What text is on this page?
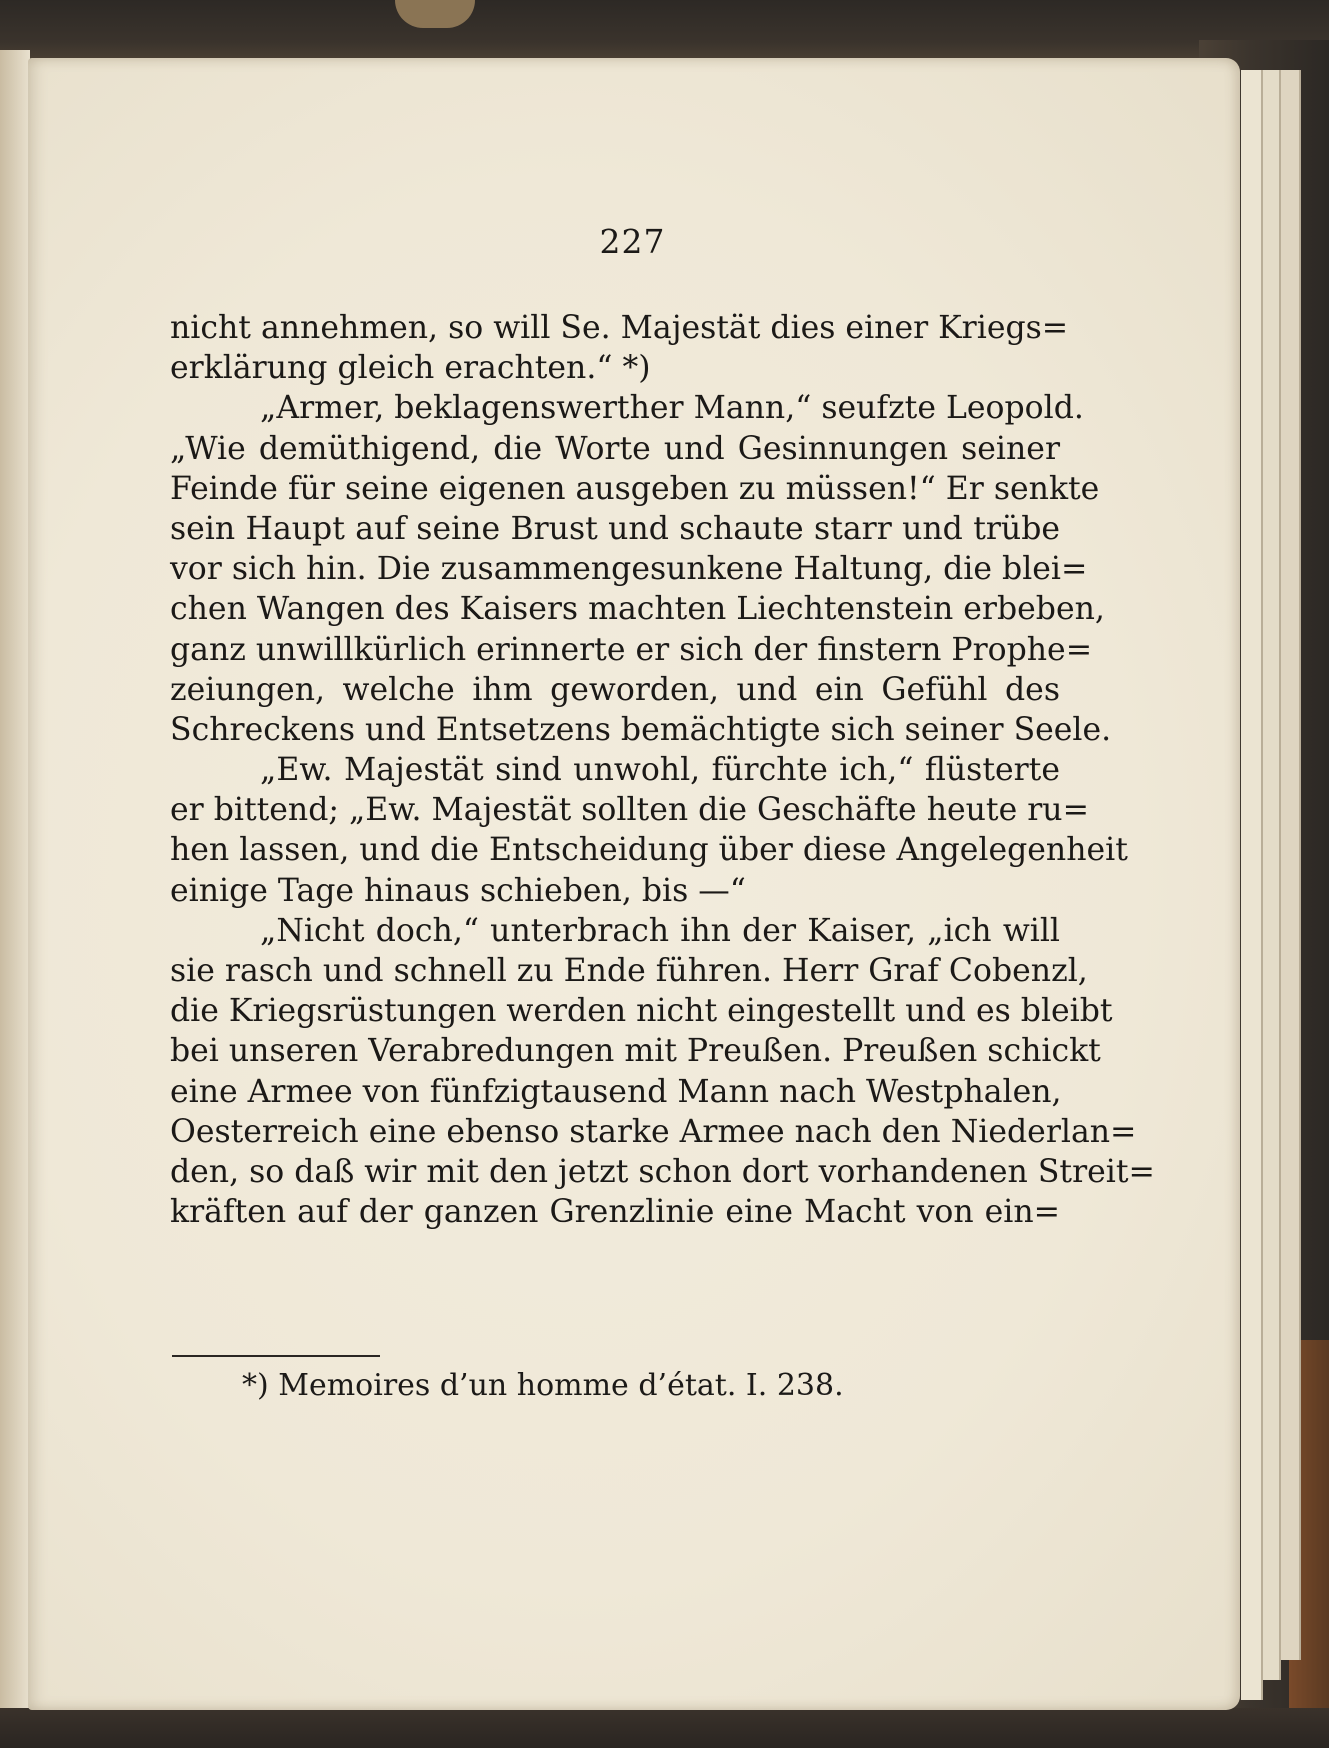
227
nicht annehmen, so will Se. Majestät dies einer Kriegs=
erklärung gleich erachten.“ *)
„Armer, beklagenswerther Mann,“ seufzte Leopold.
„Wie demüthigend, die Worte und Gesinnungen seiner
Feinde für seine eigenen ausgeben zu müssen!“ Er senkte
sein Haupt auf seine Brust und schaute starr und trübe
vor sich hin. Die zusammengesunkene Haltung, die blei=
chen Wangen des Kaisers machten Liechtenstein erbeben,
ganz unwillkürlich erinnerte er sich der finstern Prophe=
zeiungen, welche ihm geworden, und ein Gefühl des
Schreckens und Entsetzens bemächtigte sich seiner Seele.
„Ew. Majestät sind unwohl, fürchte ich,“ flüsterte
er bittend; „Ew. Majestät sollten die Geschäfte heute ru=
hen lassen, und die Entscheidung über diese Angelegenheit
einige Tage hinaus schieben, bis —“
„Nicht doch,“ unterbrach ihn der Kaiser, „ich will
sie rasch und schnell zu Ende führen. Herr Graf Cobenzl,
die Kriegsrüstungen werden nicht eingestellt und es bleibt
bei unseren Verabredungen mit Preußen. Preußen schickt
eine Armee von fünfzigtausend Mann nach Westphalen,
Oesterreich eine ebenso starke Armee nach den Niederlan=
den, so daß wir mit den jetzt schon dort vorhandenen Streit=
kräften auf der ganzen Grenzlinie eine Macht von ein=
*) Memoires d’un homme d’état. I. 238.
